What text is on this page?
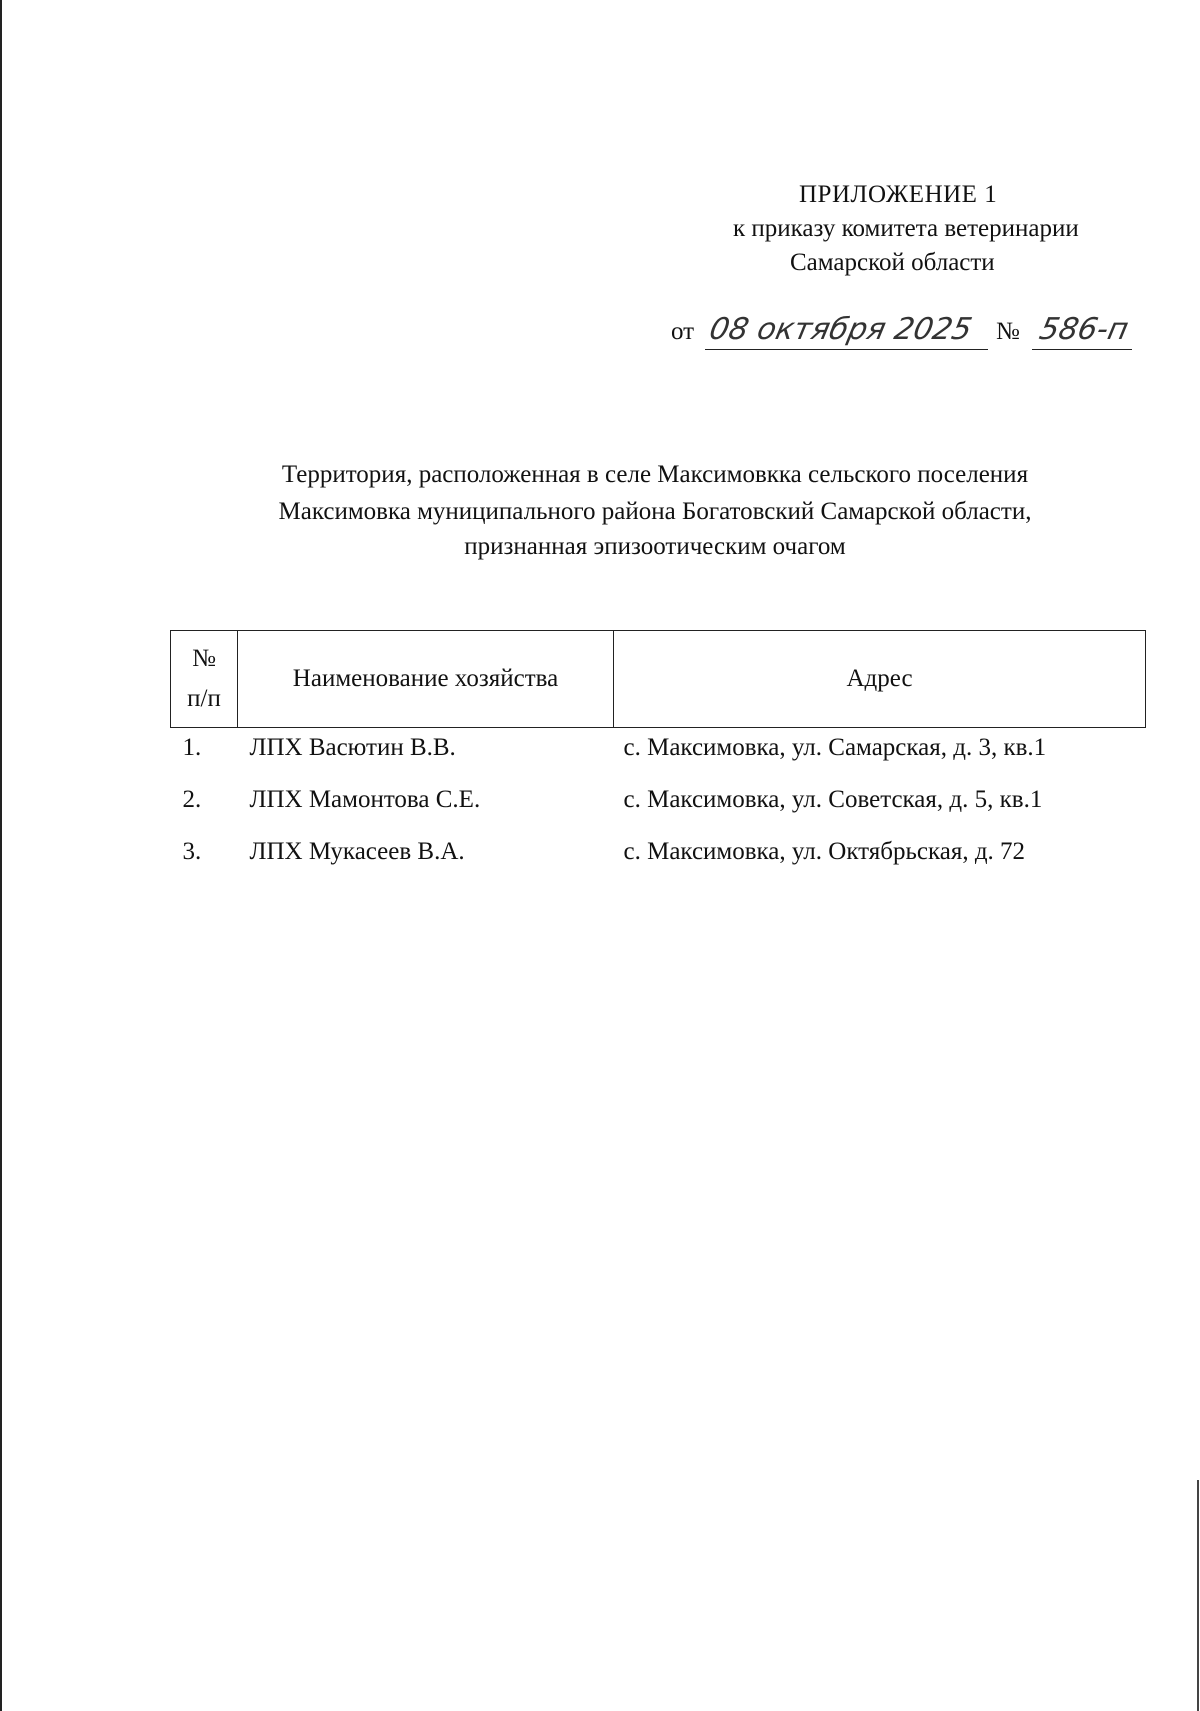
ПРИЛОЖЕНИЕ 1
к приказу комитета ветеринарии
Самарской области
от 08 октября 2025 № 586-п
Территория, расположенная в селе Максимовкка сельского поселения
Максимовка муниципального района Богатовский Самарской области,
признанная эпизоотическим очагом
№
п/п	Наименование хозяйства	Адрес
1.	ЛПХ Васютин В.В.	с. Максимовка, ул. Самарская, д. 3, кв.1
2.	ЛПХ Мамонтова С.Е.	с. Максимовка, ул. Советская, д. 5, кв.1
3.	ЛПХ Мукасеев В.А.	с. Максимовка, ул. Октябрьская, д. 72
